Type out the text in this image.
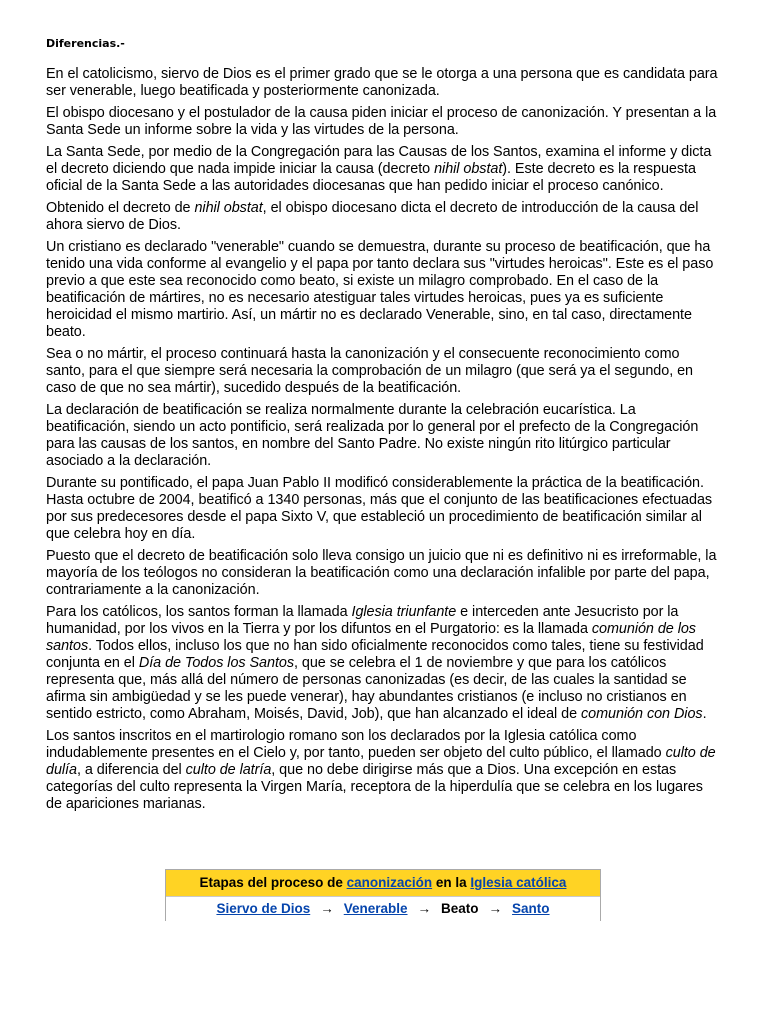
Diferencias.-

En el catolicismo, siervo de Dios es el primer grado que se le otorga a una persona que es candidata para ser venerable, luego beatificada y posteriormente canonizada.

El obispo diocesano y el postulador de la causa piden iniciar el proceso de canonización. Y presentan a la Santa Sede un informe sobre la vida y las virtudes de la persona.

La Santa Sede, por medio de la Congregación para las Causas de los Santos, examina el informe y dicta el decreto diciendo que nada impide iniciar la causa (decreto nihil obstat). Este decreto es la respuesta oficial de la Santa Sede a las autoridades diocesanas que han pedido iniciar el proceso canónico.

Obtenido el decreto de nihil obstat, el obispo diocesano dicta el decreto de introducción de la causa del ahora siervo de Dios.

Un cristiano es declarado "venerable" cuando se demuestra, durante su proceso de beatificación, que ha tenido una vida conforme al evangelio y el papa por tanto declara sus "virtudes heroicas". Este es el paso previo a que este sea reconocido como beato, si existe un milagro comprobado. En el caso de la beatificación de mártires, no es necesario atestiguar tales virtudes heroicas, pues ya es suficiente heroicidad el mismo martirio. Así, un mártir no es declarado Venerable, sino, en tal caso, directamente beato.

Sea o no mártir, el proceso continuará hasta la canonización y el consecuente reconocimiento como santo, para el que siempre será necesaria la comprobación de un milagro (que será ya el segundo, en caso de que no sea mártir), sucedido después de la beatificación.

La declaración de beatificación se realiza normalmente durante la celebración eucarística. La beatificación, siendo un acto pontificio, será realizada por lo general por el prefecto de la Congregación para las causas de los santos, en nombre del Santo Padre. No existe ningún rito litúrgico particular asociado a la declaración.

Durante su pontificado, el papa Juan Pablo II modificó considerablemente la práctica de la beatificación. Hasta octubre de 2004, beatificó a 1340 personas, más que el conjunto de las beatificaciones efectuadas por sus predecesores desde el papa Sixto V, que estableció un procedimiento de beatificación similar al que celebra hoy en día.

Puesto que el decreto de beatificación solo lleva consigo un juicio que ni es definitivo ni es irreformable, la mayoría de los teólogos no consideran la beatificación como una declaración infalible por parte del papa, contrariamente a la canonización.

Para los católicos, los santos forman la llamada Iglesia triunfante e interceden ante Jesucristo por la humanidad, por los vivos en la Tierra y por los difuntos en el Purgatorio: es la llamada comunión de los santos. Todos ellos, incluso los que no han sido oficialmente reconocidos como tales, tiene su festividad conjunta en el Día de Todos los Santos, que se celebra el 1 de noviembre y que para los católicos representa que, más allá del número de personas canonizadas (es decir, de las cuales la santidad se afirma sin ambigüedad y se les puede venerar), hay abundantes cristianos (e incluso no cristianos en sentido estricto, como Abraham, Moisés, David, Job), que han alcanzado el ideal de comunión con Dios.

Los santos inscritos en el martirologio romano son los declarados por la Iglesia católica como indudablemente presentes en el Cielo y, por tanto, pueden ser objeto del culto público, el llamado culto de dulía, a diferencia del culto de latría, que no debe dirigirse más que a Dios. Una excepción en estas categorías del culto representa la Virgen María, receptora de la hiperdulía que se celebra en los lugares de apariciones marianas.

Etapas del proceso de canonización en la Iglesia católica
Siervo de Dios → Venerable → Beato → Santo
